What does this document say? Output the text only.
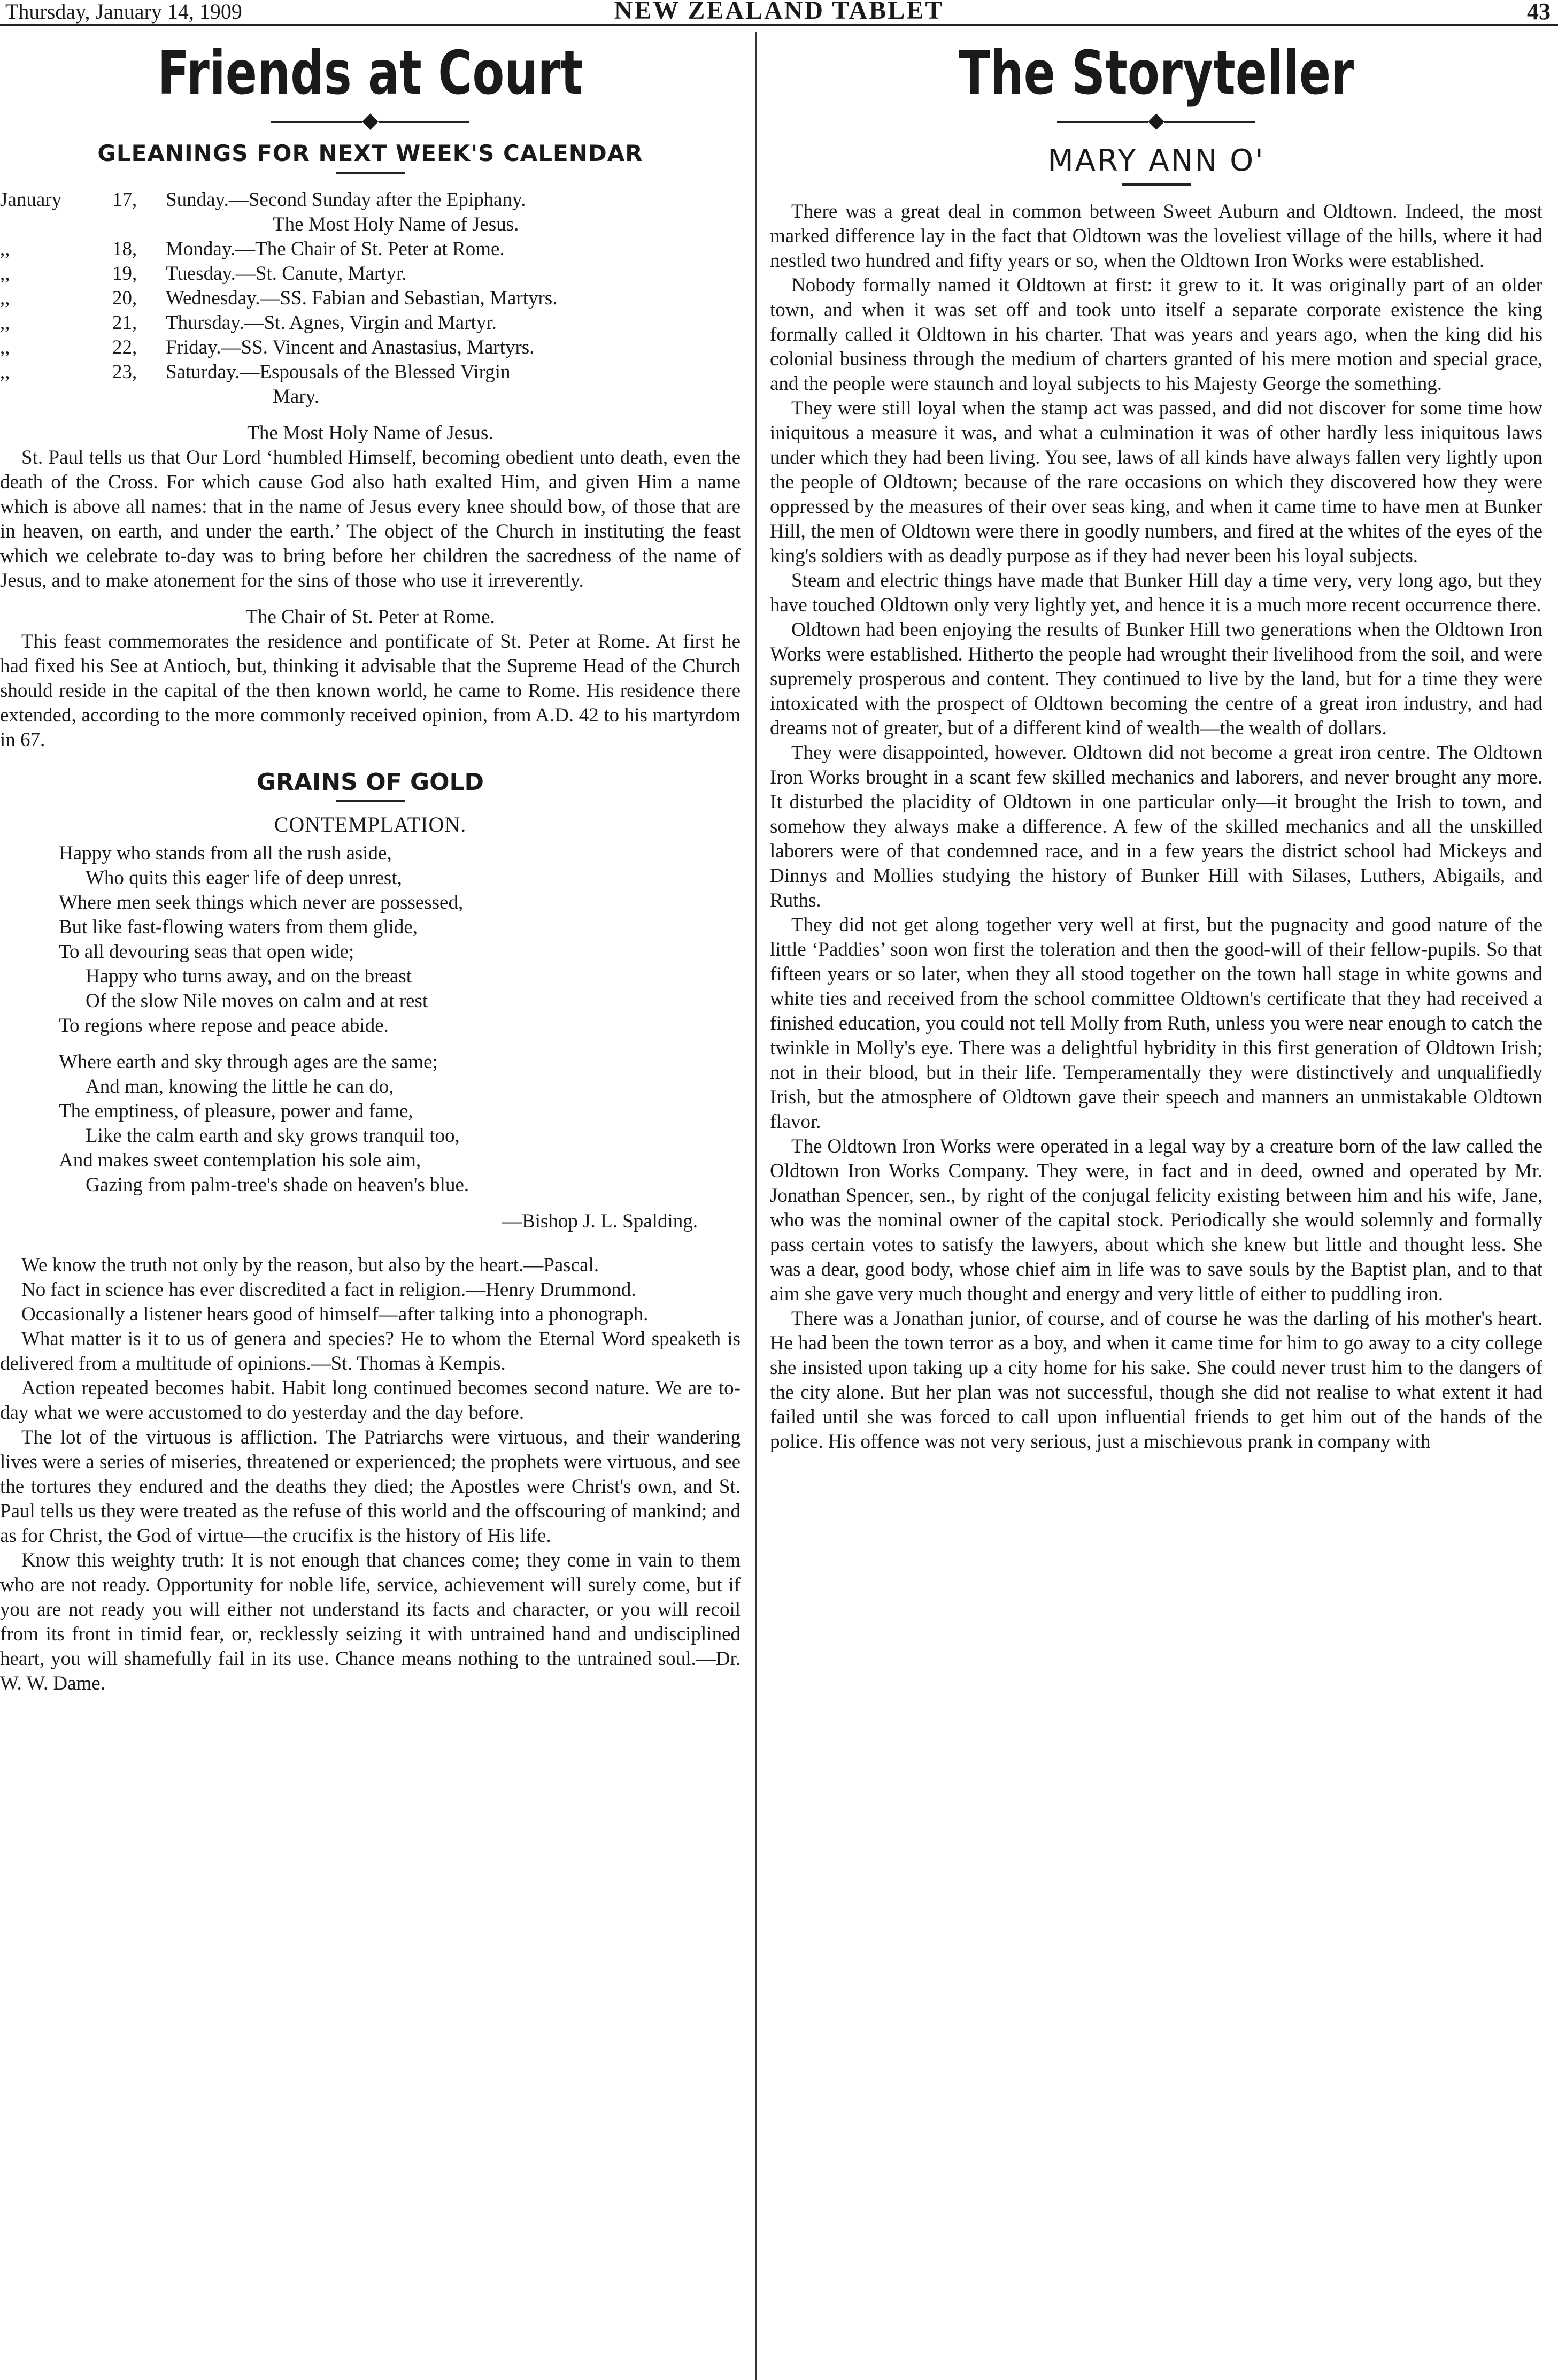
Thursday, January 14, 1909	NEW ZEALAND TABLET	43
Friends at Court
◆
GLEANINGS FOR NEXT WEEK'S CALENDAR
January	17, Sunday.—Second Sunday after the Epiphany.
The Most Holy Name of Jesus.
,,	18, Monday.—The Chair of St. Peter at Rome.
,,	19, Tuesday.—St. Canute, Martyr.
,,	20, Wednesday.—SS. Fabian and Sebastian, Martyrs.
,,	21, Thursday.—St. Agnes, Virgin and Martyr.
,,	22, Friday.—SS. Vincent and Anastasius, Martyrs.
,,	23, Saturday.—Espousals of the Blessed Virgin
Mary.
The Most Holy Name of Jesus.

St. Paul tells us that Our Lord ‘humbled Himself, becoming obedient unto death, even the death of the Cross. For which cause God also hath exalted Him, and given Him a name which is above all names: that in the name of Jesus every knee should bow, of those that are in heaven, on earth, and under the earth.’ The object of the Church in instituting the feast which we celebrate to-day was to bring before her children the sacredness of the name of Jesus, and to make atonement for the sins of those who use it irreverently.

The Chair of St. Peter at Rome.

This feast commemorates the residence and pontificate of St. Peter at Rome. At first he had fixed his See at Antioch, but, thinking it advisable that the Supreme Head of the Church should reside in the capital of the then known world, he came to Rome. His residence there extended, according to the more commonly received opinion, from A.D. 42 to his martyrdom in 67.

GRAINS OF GOLD
CONTEMPLATION.
Happy who stands from all the rush aside,
Who quits this eager life of deep unrest,
Where men seek things which never are possessed,
But like fast-flowing waters from them glide,
To all devouring seas that open wide;
Happy who turns away, and on the breast
Of the slow Nile moves on calm and at rest
To regions where repose and peace abide.
Where earth and sky through ages are the same;
And man, knowing the little he can do,
The emptiness, of pleasure, power and fame,
Like the calm earth and sky grows tranquil too,
And makes sweet contemplation his sole aim,
Gazing from palm-tree's shade on heaven's blue.
—Bishop J. L. Spalding.

We know the truth not only by the reason, but also by the heart.—Pascal.

No fact in science has ever discredited a fact in religion.—Henry Drummond.

Occasionally a listener hears good of himself—after talking into a phonograph.

What matter is it to us of genera and species? He to whom the Eternal Word speaketh is delivered from a multitude of opinions.—St. Thomas à Kempis.

Action repeated becomes habit. Habit long continued becomes second nature. We are to-day what we were accustomed to do yesterday and the day before.

The lot of the virtuous is affliction. The Patriarchs were virtuous, and their wandering lives were a series of miseries, threatened or experienced; the prophets were virtuous, and see the tortures they endured and the deaths they died; the Apostles were Christ's own, and St. Paul tells us they were treated as the refuse of this world and the offscouring of mankind; and as for Christ, the God of virtue—the crucifix is the history of His life.

Know this weighty truth: It is not enough that chances come; they come in vain to them who are not ready. Opportunity for noble life, service, achievement will surely come, but if you are not ready you will either not understand its facts and character, or you will recoil from its front in timid fear, or, recklessly seizing it with untrained hand and undisciplined heart, you will shamefully fail in its use. Chance means nothing to the untrained soul.—Dr. W. W. Dame.

The Storyteller
◆
MARY ANN O'

There was a great deal in common between Sweet Auburn and Oldtown. Indeed, the most marked difference lay in the fact that Oldtown was the loveliest village of the hills, where it had nestled two hundred and fifty years or so, when the Oldtown Iron Works were established.

Nobody formally named it Oldtown at first: it grew to it. It was originally part of an older town, and when it was set off and took unto itself a separate corporate existence the king formally called it Oldtown in his charter. That was years and years ago, when the king did his colonial business through the medium of charters granted of his mere motion and special grace, and the people were staunch and loyal subjects to his Majesty George the something.

They were still loyal when the stamp act was passed, and did not discover for some time how iniquitous a measure it was, and what a culmination it was of other hardly less iniquitous laws under which they had been living. You see, laws of all kinds have always fallen very lightly upon the people of Oldtown; because of the rare occasions on which they discovered how they were oppressed by the measures of their over seas king, and when it came time to have men at Bunker Hill, the men of Oldtown were there in goodly numbers, and fired at the whites of the eyes of the king's soldiers with as deadly purpose as if they had never been his loyal subjects.

Steam and electric things have made that Bunker Hill day a time very, very long ago, but they have touched Oldtown only very lightly yet, and hence it is a much more recent occurrence there.

Oldtown had been enjoying the results of Bunker Hill two generations when the Oldtown Iron Works were established. Hitherto the people had wrought their livelihood from the soil, and were supremely prosperous and content. They continued to live by the land, but for a time they were intoxicated with the prospect of Oldtown becoming the centre of a great iron industry, and had dreams not of greater, but of a different kind of wealth—the wealth of dollars.

They were disappointed, however. Oldtown did not become a great iron centre. The Oldtown Iron Works brought in a scant few skilled mechanics and laborers, and never brought any more. It disturbed the placidity of Oldtown in one particular only—it brought the Irish to town, and somehow they always make a difference. A few of the skilled mechanics and all the unskilled laborers were of that condemned race, and in a few years the district school had Mickeys and Dinnys and Mollies studying the history of Bunker Hill with Silases, Luthers, Abigails, and Ruths.

They did not get along together very well at first, but the pugnacity and good nature of the little ‘Paddies’ soon won first the toleration and then the good-will of their fellow-pupils. So that fifteen years or so later, when they all stood together on the town hall stage in white gowns and white ties and received from the school committee Oldtown's certificate that they had received a finished education, you could not tell Molly from Ruth, unless you were near enough to catch the twinkle in Molly's eye. There was a delightful hybridity in this first generation of Oldtown Irish; not in their blood, but in their life. Temperamentally they were distinctively and unqualifiedly Irish, but the atmosphere of Oldtown gave their speech and manners an unmistakable Oldtown flavor.

The Oldtown Iron Works were operated in a legal way by a creature born of the law called the Oldtown Iron Works Company. They were, in fact and in deed, owned and operated by Mr. Jonathan Spencer, sen., by right of the conjugal felicity existing between him and his wife, Jane, who was the nominal owner of the capital stock. Periodically she would solemnly and formally pass certain votes to satisfy the lawyers, about which she knew but little and thought less. She was a dear, good body, whose chief aim in life was to save souls by the Baptist plan, and to that aim she gave very much thought and energy and very little of either to puddling iron.

There was a Jonathan junior, of course, and of course he was the darling of his mother's heart. He had been the town terror as a boy, and when it came time for him to go away to a city college she insisted upon taking up a city home for his sake. She could never trust him to the dangers of the city alone. But her plan was not successful, though she did not realise to what extent it had failed until she was forced to call upon influential friends to get him out of the hands of the police. His offence was not very serious, just a mischievous prank in company with
